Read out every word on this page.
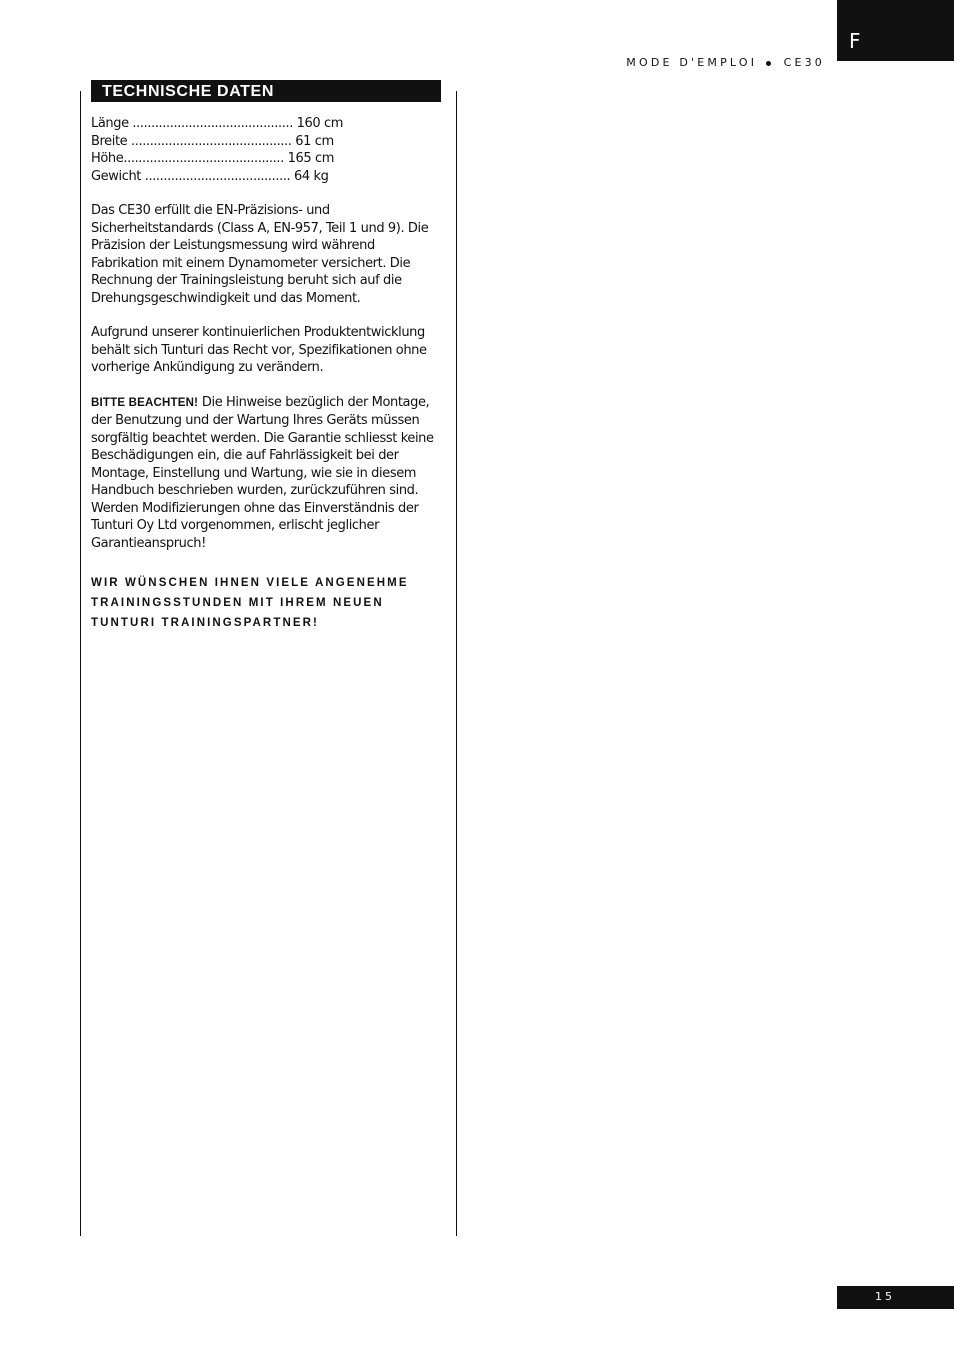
F
MODE D'EMPLOI CE30
TECHNISCHE DATEN
Länge ........................................... 160 cm
Breite ........................................... 61 cm
Höhe........................................... 165 cm
Gewicht ....................................... 64 kg

Das CE30 erfüllt die EN-Präzisions- und Sicherheitstandards (Class A, EN-957, Teil 1 und 9). Die Präzision der Leistungsmessung wird während Fabrikation mit einem Dynamometer versichert. Die Rechnung der Trainingsleistung beruht sich auf die Drehungsgeschwindigkeit und das Moment.

Aufgrund unserer kontinuierlichen Produktentwicklung behält sich Tunturi das Recht vor, Spezifikationen ohne vorherige Ankündigung zu verändern.

BITTE BEACHTEN! Die Hinweise bezüglich der Montage, der Benutzung und der Wartung Ihres Geräts müssen sorgfältig beachtet werden. Die Garantie schliesst keine Beschädigungen ein, die auf Fahrlässigkeit bei der Montage, Einstellung und Wartung, wie sie in diesem Handbuch beschrieben wurden, zurückzuführen sind. Werden Modifizierungen ohne das Einverständnis der Tunturi Oy Ltd vorgenommen, erlischt jeglicher Garantieanspruch!

WIR WÜNSCHEN IHNEN VIELE ANGENEHME TRAININGSSTUNDEN MIT IHREM NEUEN TUNTURI TRAININGSPARTNER!

15
